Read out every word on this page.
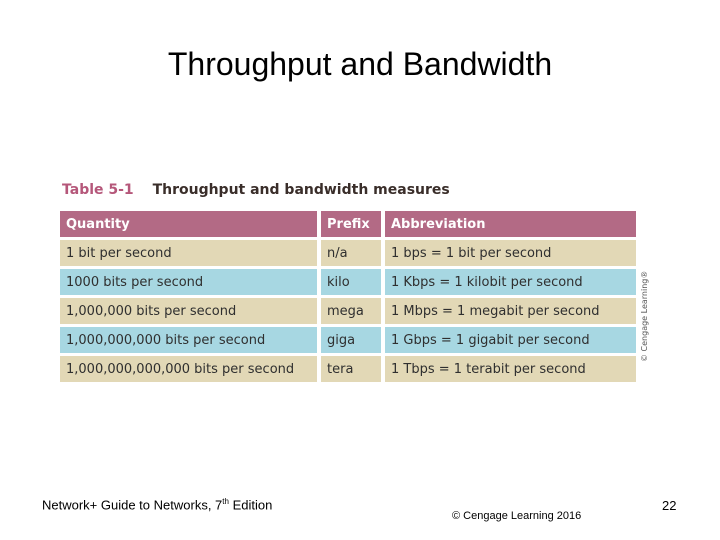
Throughput and Bandwidth
Table 5-1 Throughput and bandwidth measures
Quantity	Prefix	Abbreviation
1 bit per second	n/a	1 bps = 1 bit per second
1000 bits per second	kilo	1 Kbps = 1 kilobit per second
1,000,000 bits per second	mega	1 Mbps = 1 megabit per second
1,000,000,000 bits per second	giga	1 Gbps = 1 gigabit per second
1,000,000,000,000 bits per second	tera	1 Tbps = 1 terabit per second
© Cengage Learning®
Network+ Guide to Networks, 7th Edition
© Cengage Learning 2016
22
